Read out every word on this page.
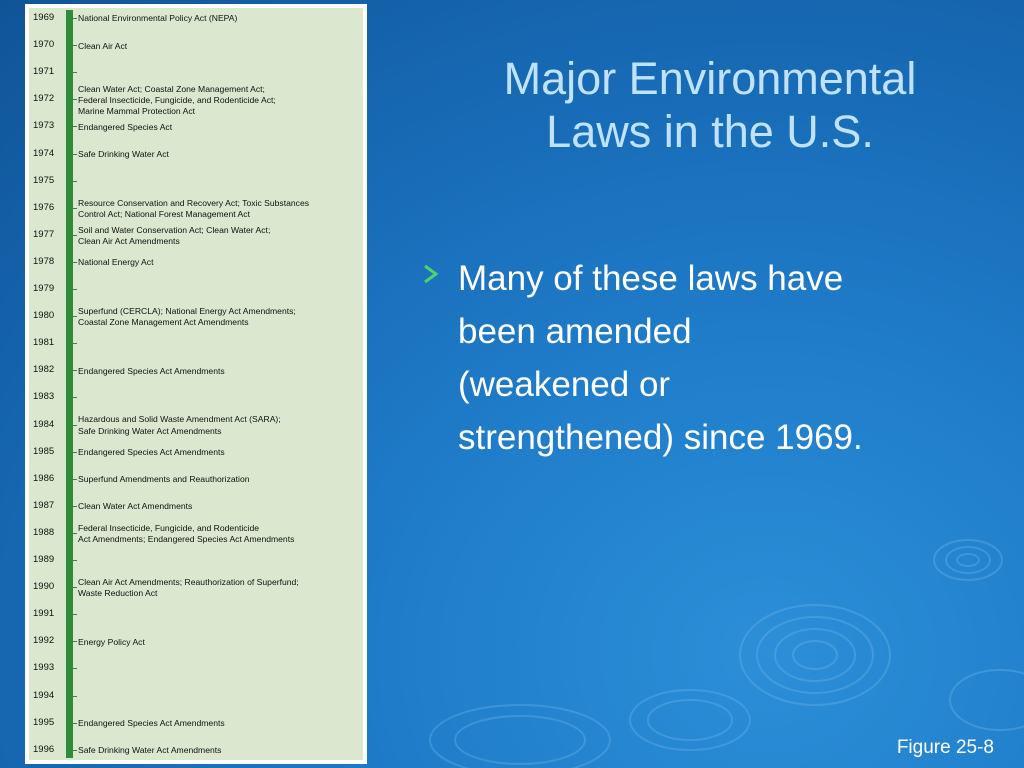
1969	National Environmental Policy Act (NEPA)
1970	Clean Air Act
1971
1972
Clean Water Act; Coastal Zone Management Act;
Federal Insecticide, Fungicide, and Rodenticide Act;
Marine Mammal Protection Act
1973	Endangered Species Act
1974	Safe Drinking Water Act
1975
1976	Resource Conservation and Recovery Act; Toxic Substances
Control Act; National Forest Management Act
1977	Soil and Water Conservation Act; Clean Water Act;
Clean Air Act Amendments
1978	National Energy Act
1979
1980	Superfund (CERCLA); National Energy Act Amendments;
Coastal Zone Management Act Amendments
1981
1982	Endangered Species Act Amendments
1983
1984	Hazardous and Solid Waste Amendment Act (SARA);
Safe Drinking Water Act Amendments
1985	Endangered Species Act Amendments
1986	Superfund Amendments and Reauthorization
1987	Clean Water Act Amendments
1988	Federal Insecticide, Fungicide, and Rodenticide
Act Amendments; Endangered Species Act Amendments
1989
1990	Clean Air Act Amendments; Reauthorization of Superfund;
Waste Reduction Act
1991
1992	Energy Policy Act
1993
1994
1995	Endangered Species Act Amendments
1996	Safe Drinking Water Act Amendments
Major Environmental
Laws in the U.S.
Many of these laws have
been amended
(weakened or
strengthened) since 1969.
Figure 25-8
